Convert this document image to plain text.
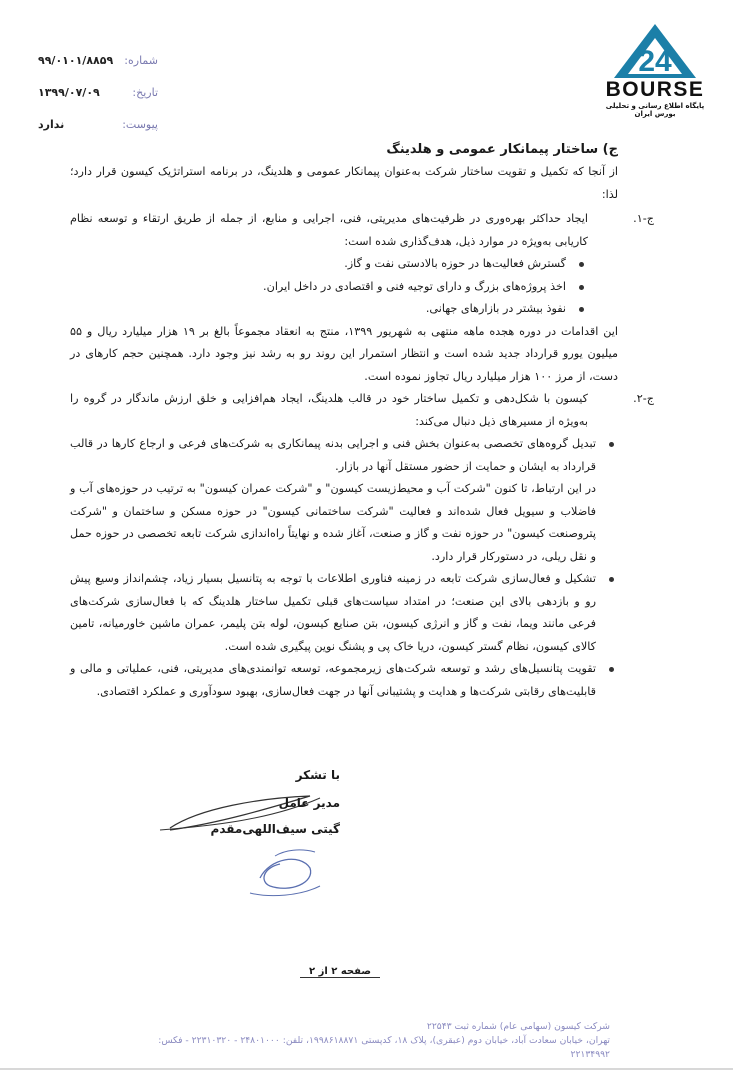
24
BOURSE
پایگاه اطلاع رسانی و تحلیلی بورس ایران
شماره:
۹۹/۰۱۰۱/۸۸۵۹
تاریخ:
۱۳۹۹/۰۷/۰۹
پیوست:
ندارد

ج) ساختار پیمانکار عمومی و هلدینگ

از آنجا که تکمیل و تقویت ساختار شرکت به‌عنوان پیمانکار عمومی و هلدینگ، در برنامه استراتژیک کیسون قرار دارد؛ لذا:

ج-۱.

ایجاد حداکثر بهره‌وری در ظرفیت‌های مدیریتی، فنی، اجرایی و منابع، از جمله از طریق ارتقاء و توسعه نظام کاریابی به‌ویژه در موارد ذیل، هدف‌گذاری شده است:

گسترش فعالیت‌ها در حوزه بالادستی نفت و گاز.
اخذ پروژه‌های بزرگ و دارای توجیه فنی و اقتصادی در داخل ایران.
نفوذ بیشتر در بازارهای جهانی.

این اقدامات در دوره هجده ماهه منتهی به شهریور ۱۳۹۹، منتج به انعقاد مجموعاً بالغ بر ۱۹ هزار میلیارد ریال و ۵۵ میلیون یورو قرارداد جدید شده است و انتظار استمرار این روند رو به رشد نیز وجود دارد. همچنین حجم کارهای در دست، از مرز ۱۰۰ هزار میلیارد ریال تجاوز نموده است.

ج-۲.

کیسون با شکل‌دهی و تکمیل ساختار خود در قالب هلدینگ، ایجاد هم‌افزایی و خلق ارزش ماندگار در گروه را به‌ویژه از مسیرهای ذیل دنبال می‌کند:

تبدیل گروه‌های تخصصی به‌عنوان بخش فنی و اجرایی بدنه پیمانکاری به شرکت‌های فرعی و ارجاع کارها در قالب قرارداد به ایشان و حمایت از حضور مستقل آنها در بازار.
در این ارتباط، تا کنون "شرکت آب و محیط‌زیست کیسون" و "شرکت عمران کیسون" به ترتیب در حوزه‌های آب و فاضلاب و سیویل فعال شده‌اند و فعالیت "شرکت ساختمانی کیسون" در حوزه مسکن و ساختمان و "شرکت پتروصنعت کیسون" در حوزه نفت و گاز و صنعت، آغاز شده و نهایتاً راه‌اندازی شرکت تابعه تخصصی در حوزه حمل و نقل ریلی، در دستورکار قرار دارد.
تشکیل و فعال‌سازی شرکت تابعه در زمینه فناوری اطلاعات با توجه به پتانسیل بسیار زیاد، چشم‌انداز وسیع پیش رو و بازدهی بالای این صنعت؛ در امتداد سیاست‌های قبلی تکمیل ساختار هلدینگ که با فعال‌سازی شرکت‌های فرعی مانند ویما، نفت و گاز و انرژی کیسون، بتن صنایع کیسون، لوله بتن پلیمر، عمران ماشین خاورمیانه، تامین کالای کیسون، نظام گستر کیسون، دریا خاک پی و پشنگ نوین پیگیری شده است.
تقویت پتانسیل‌های رشد و توسعه شرکت‌های زیرمجموعه، توسعه توانمندی‌های مدیریتی، فنی، عملیاتی و مالی و قابلیت‌های رقابتی شرکت‌ها و هدایت و پشتیبانی آنها در جهت فعال‌سازی، بهبود سودآوری و عملکرد اقتصادی.
با تشکر
مدیر عامل
گیتی سیف‌اللهی‌مقدم
صفحه ۲ از ۲
شرکت کیسون (سهامی عام) شماره ثبت ۲۲۵۴۳
تهران، خیابان سعادت آباد، خیابان دوم (عبقری)، پلاک ۱۸، کدپستی ۱۹۹۸۶۱۸۸۷۱، تلفن: ۲۴۸۰۱۰۰۰ - ۲۲۳۱۰۳۲۰ - فکس: ۲۲۱۳۴۹۹۲
